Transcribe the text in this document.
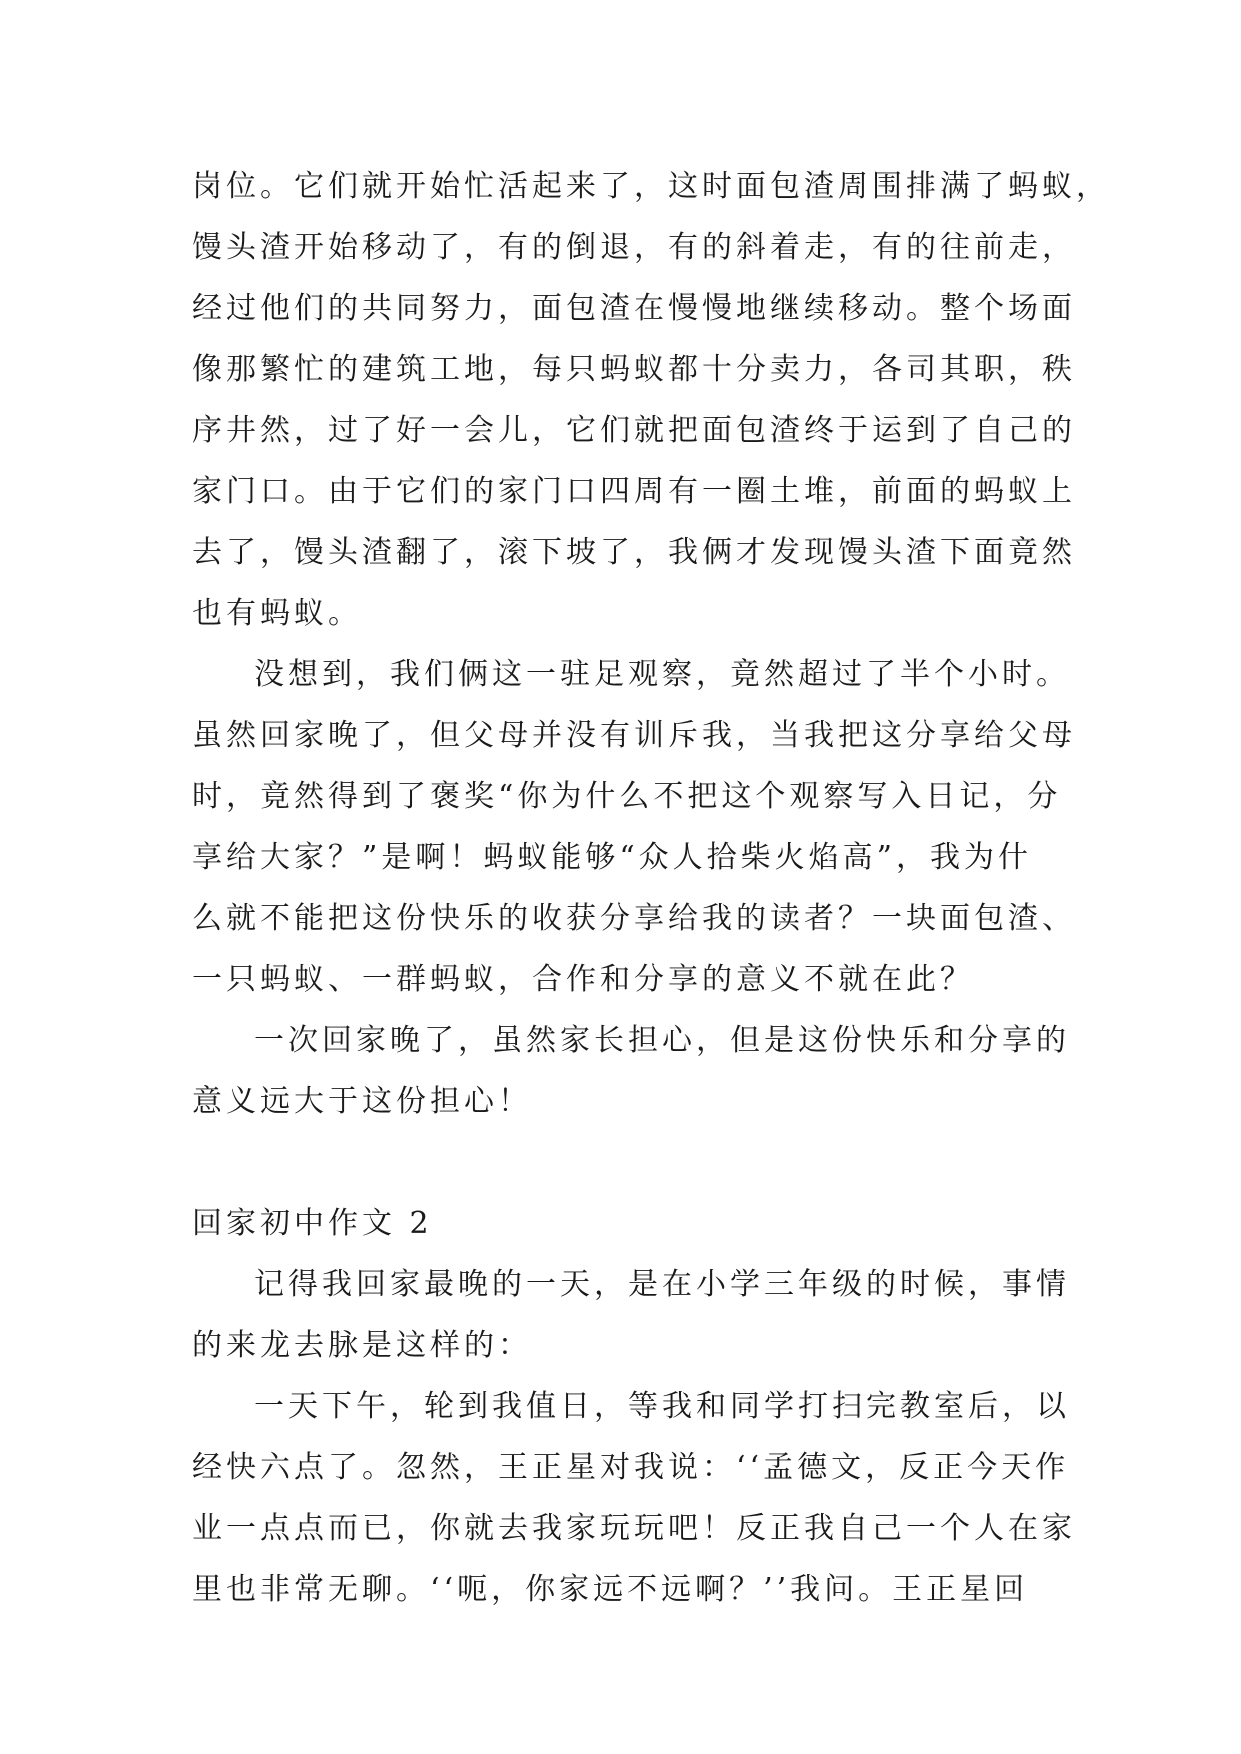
岗位。它们就开始忙活起来了，这时面包渣周围排满了蚂蚁，
馒头渣开始移动了，有的倒退，有的斜着走，有的往前走，
经过他们的共同努力，面包渣在慢慢地继续移动。整个场面
像那繁忙的建筑工地，每只蚂蚁都十分卖力，各司其职，秩
序井然，过了好一会儿，它们就把面包渣终于运到了自己的
家门口。由于它们的家门口四周有一圈土堆，前面的蚂蚁上
去了，馒头渣翻了，滚下坡了，我俩才发现馒头渣下面竟然
也有蚂蚁。
没想到，我们俩这一驻足观察，竟然超过了半个小时。
虽然回家晚了，但父母并没有训斥我，当我把这分享给父母
时，竟然得到了褒奖“你为什么不把这个观察写入日记，分
享给大家？”是啊！蚂蚁能够“众人拾柴火焰高”，我为什
么就不能把这份快乐的收获分享给我的读者？一块面包渣、
一只蚂蚁、一群蚂蚁，合作和分享的意义不就在此？
一次回家晚了，虽然家长担心，但是这份快乐和分享的
意义远大于这份担心！
回家初中作文 2
记得我回家最晚的一天，是在小学三年级的时候，事情
的来龙去脉是这样的：
一天下午，轮到我值日，等我和同学打扫完教室后，以
经快六点了。忽然，王正星对我说：‘‘孟德文，反正今天作
业一点点而已，你就去我家玩玩吧！反正我自己一个人在家
里也非常无聊。‘‘呃，你家远不远啊？’’我问。王正星回
